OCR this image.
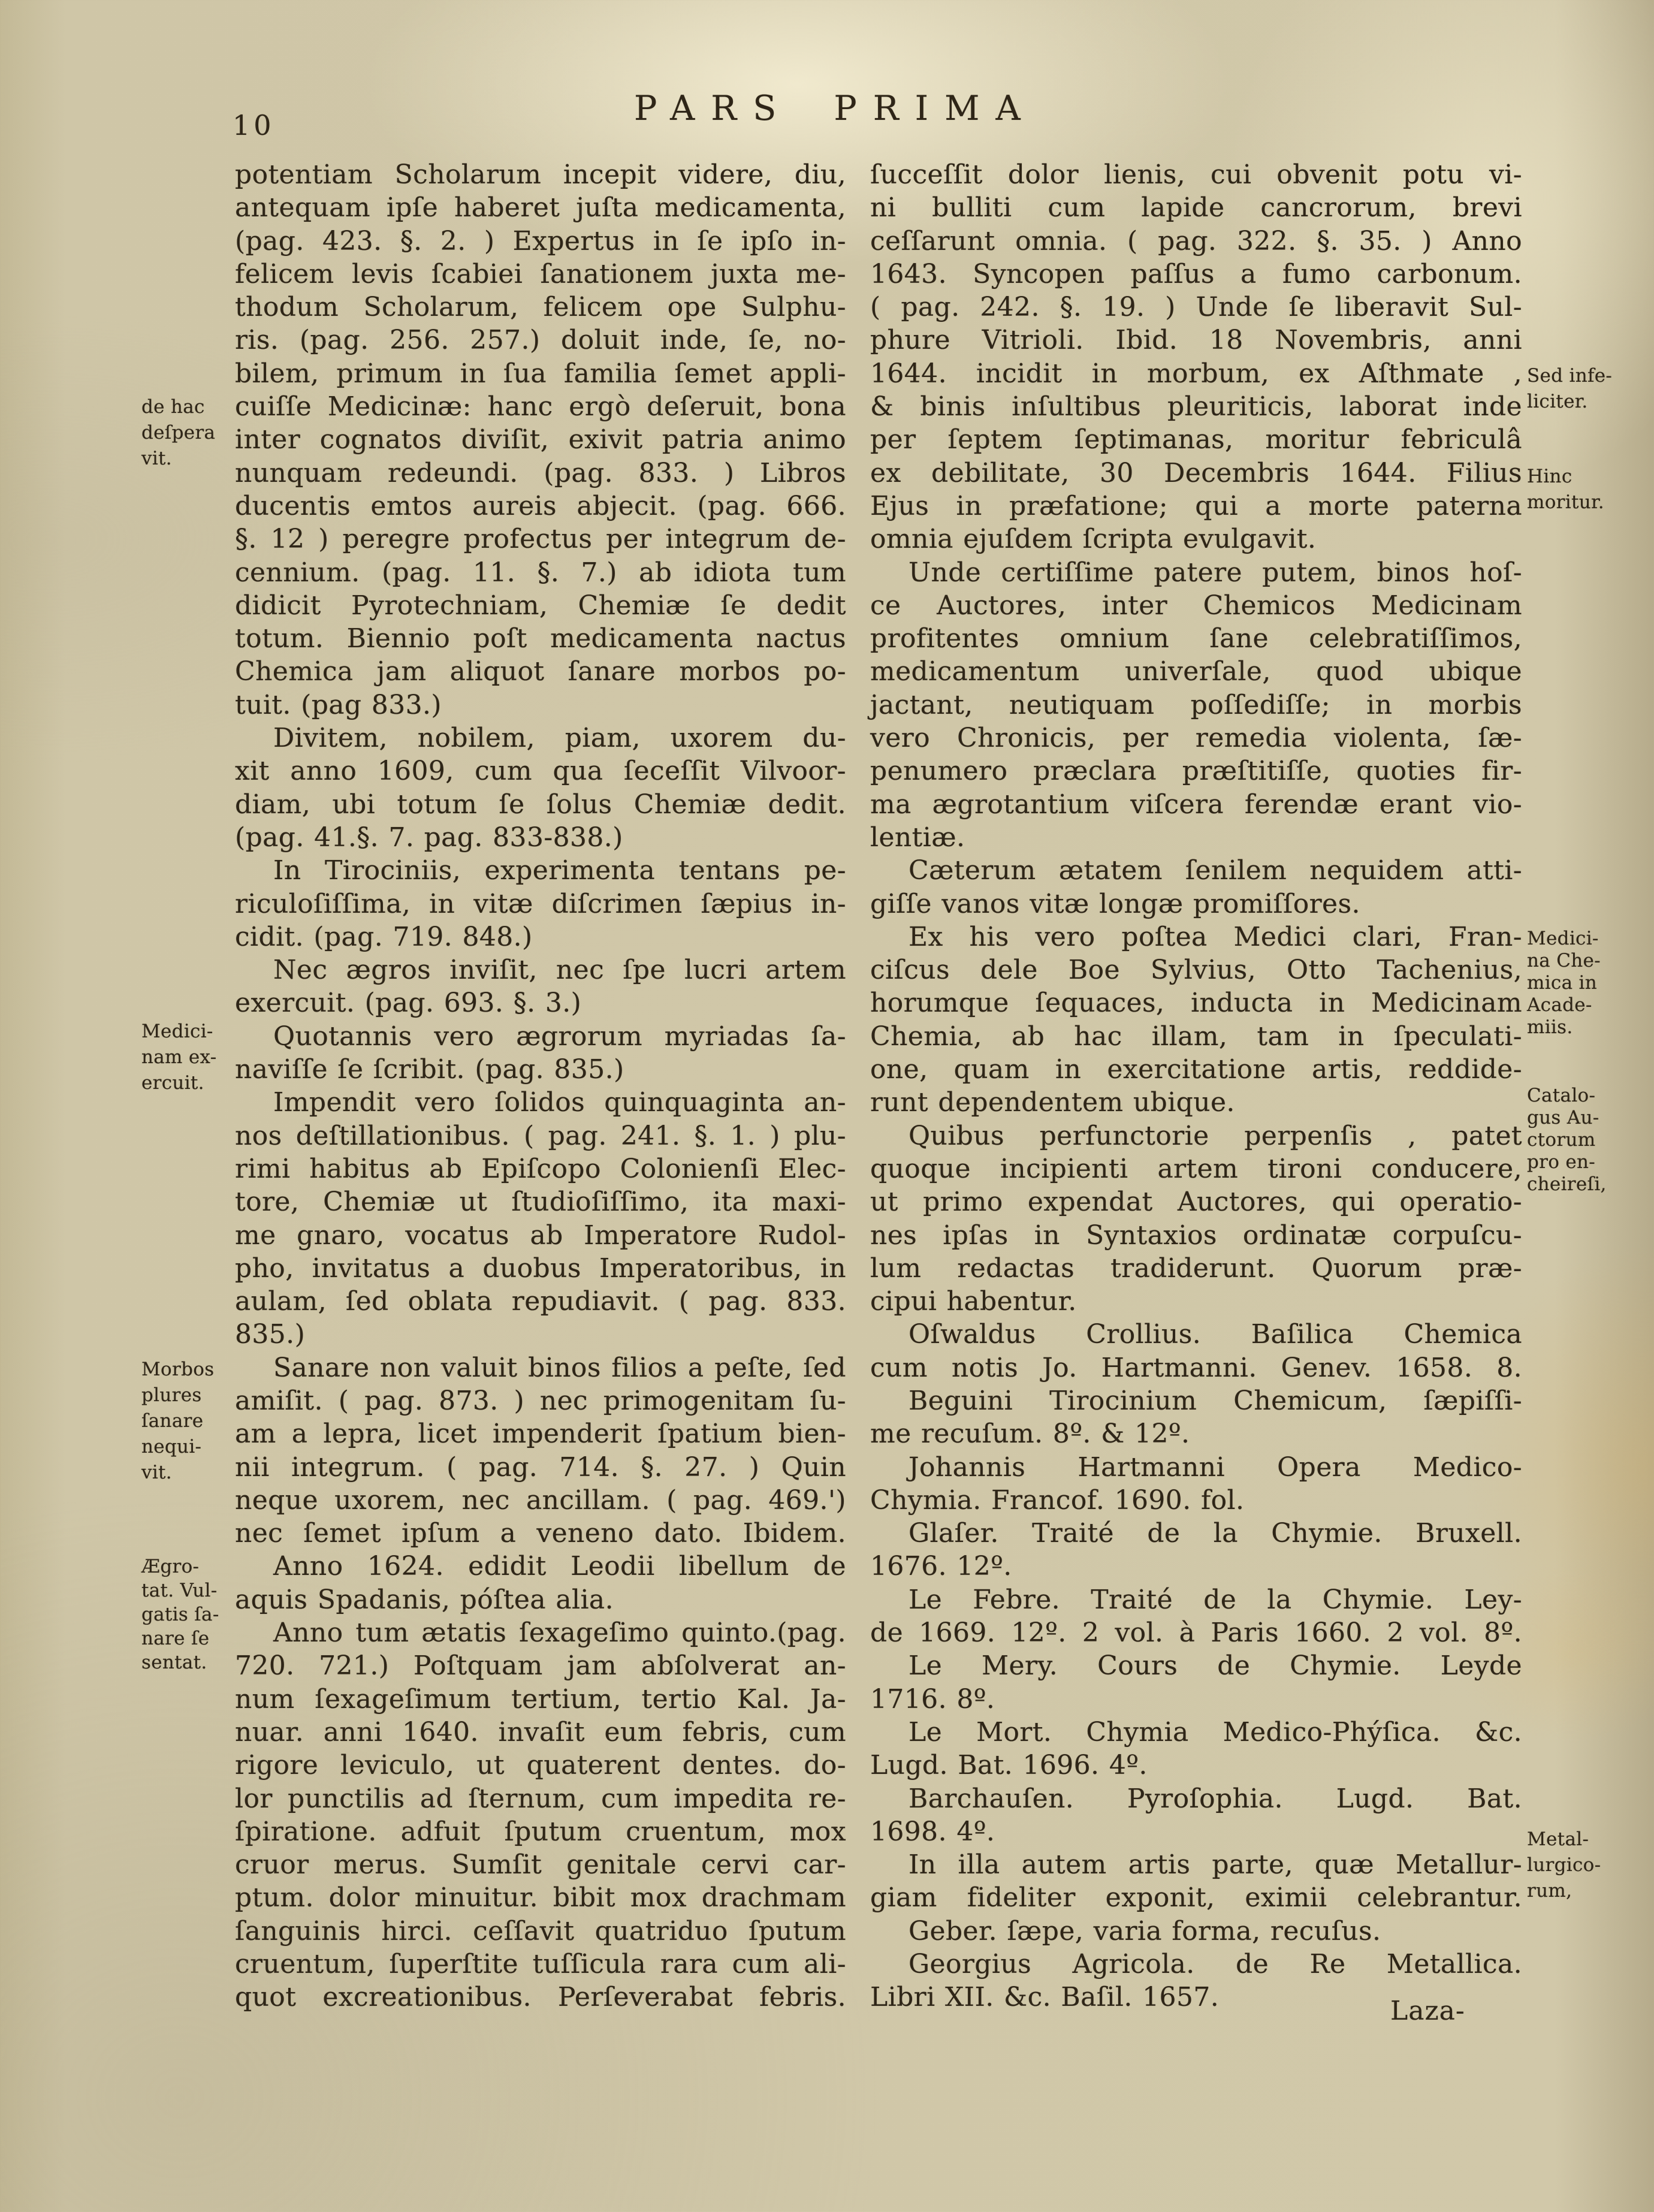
10	PARS PRIMA
potentiam Scholarum incepit videre, diu,
antequam ipſe haberet juſta medicamenta,
(pag. 423. §. 2. ) Expertus in ſe ipſo in-
felicem levis ſcabiei ſanationem juxta me-
thodum Scholarum, felicem ope Sulphu-
ris. (pag. 256. 257.) doluit inde, ſe, no-
bilem, primum in ſua familia ſemet appli-
cuiſſe Medicinæ: hanc ergò deſeruit, bona
inter cognatos diviſit, exivit patria animo
nunquam redeundi. (pag. 833. ) Libros
ducentis emtos aureis abjecit. (pag. 666.
§. 12 ) peregre profectus per integrum de-
cennium. (pag. 11. §. 7.) ab idiota tum
didicit Pyrotechniam, Chemiæ ſe dedit
totum. Biennio poſt medicamenta nactus
Chemica jam aliquot ſanare morbos po-
tuit. (pag 833.)
Divitem, nobilem, piam, uxorem du-
xit anno 1609, cum qua ſeceſſit Vilvoor-
diam, ubi totum ſe ſolus Chemiæ dedit.
(pag. 41.§. 7. pag. 833-838.)
In Tirociniis, experimenta tentans pe-
riculoſiſſima, in vitæ diſcrimen ſæpius in-
cidit. (pag. 719. 848.)
Nec ægros inviſit, nec ſpe lucri artem
exercuit. (pag. 693. §. 3.)
Quotannis vero ægrorum myriadas ſa-
naviſſe ſe ſcribit. (pag. 835.)
Impendit vero ſolidos quinquaginta an-
nos deſtillationibus. ( pag. 241. §. 1. ) plu-
rimi habitus ab Epiſcopo Colonienſi Elec-
tore, Chemiæ ut ſtudioſiſſimo, ita maxi-
me gnaro, vocatus ab Imperatore Rudol-
pho, invitatus a duobus Imperatoribus, in
aulam, ſed oblata repudiavit. ( pag. 833.
835.)
Sanare non valuit binos filios a peſte, ſed
amiſit. ( pag. 873. ) nec primogenitam ſu-
am a lepra, licet impenderit ſpatium bien-
nii integrum. ( pag. 714. §. 27. ) Quin
neque uxorem, nec ancillam. ( pag. 469.')
nec ſemet ipſum a veneno dato. Ibidem.
Anno 1624. edidit Leodii libellum de
aquis Spadanis, póſtea alia.
Anno tum ætatis ſexageſimo quinto.(pag.
720. 721.) Poſtquam jam abſolverat an-
num ſexageſimum tertium, tertio Kal. Ja-
nuar. anni 1640. invaſit eum febris, cum
rigore leviculo, ut quaterent dentes. do-
lor punctilis ad ſternum, cum impedita re-
ſpiratione. adfuit ſputum cruentum, mox
cruor merus. Sumſit genitale cervi car-
ptum. dolor minuitur. bibit mox drachmam
ſanguinis hirci. ceſſavit quatriduo ſputum
cruentum, ſuperſtite tuſſicula rara cum ali-
quot excreationibus. Perſeverabat febris.
ſucceſſit dolor lienis, cui obvenit potu vi-
ni bulliti cum lapide cancrorum, brevi
ceſſarunt omnia. ( pag. 322. §. 35. ) Anno
1643. Syncopen paſſus a fumo carbonum.
( pag. 242. §. 19. ) Unde ſe liberavit Sul-
phure Vitrioli. Ibid. 18 Novembris, anni
1644. incidit in morbum, ex Aſthmate ,
& binis inſultibus pleuriticis, laborat inde
per ſeptem ſeptimanas, moritur febriculâ
ex debilitate, 30 Decembris 1644. Filius
Ejus in præfatione; qui a morte paterna
omnia ejuſdem ſcripta evulgavit.
Unde certiſſime patere putem, binos hoſ-
ce Auctores, inter Chemicos Medicinam
profitentes omnium ſane celebratiſſimos,
medicamentum univerſale, quod ubique
jactant, neutiquam poſſediſſe; in morbis
vero Chronicis, per remedia violenta, ſæ-
penumero præclara præſtitiſſe, quoties fir-
ma ægrotantium viſcera ferendæ erant vio-
lentiæ.
Cæterum ætatem ſenilem nequidem atti-
giſſe vanos vitæ longæ promiſſores.
Ex his vero poſtea Medici clari, Fran-
ciſcus dele Boe Sylvius, Otto Tachenius,
horumque ſequaces, inducta in Medicinam
Chemia, ab hac illam, tam in ſpeculati-
one, quam in exercitatione artis, reddide-
runt dependentem ubique.
Quibus perfunctorie perpenſis , patet
quoque incipienti artem tironi conducere,
ut primo expendat Auctores, qui operatio-
nes ipſas in Syntaxios ordinatæ corpuſcu-
lum redactas tradiderunt. Quorum præ-
cipui habentur.
Oſwaldus Crollius. Baſilica Chemica
cum notis Jo. Hartmanni. Genev. 1658. 8.
Beguini Tirocinium Chemicum, ſæpiſſi-
me recuſum. 8º. & 12º.
Johannis Hartmanni Opera Medico-
Chymia. Francof. 1690. fol.
Glaſer. Traité de la Chymie. Bruxell.
1676. 12º.
Le Febre. Traité de la Chymie. Ley-
de 1669. 12º. 2 vol. à Paris 1660. 2 vol. 8º.
Le Mery. Cours de Chymie. Leyde
1716. 8º.
Le Mort. Chymia Medico-Phýſica. &c.
Lugd. Bat. 1696. 4º.
Barchauſen. Pyroſophia. Lugd. Bat.
1698. 4º.
In illa autem artis parte, quæ Metallur-
giam fideliter exponit, eximii celebrantur.
Geber. ſæpe, varia forma, recuſus.
Georgius Agricola. de Re Metallica.
Libri XII. &c. Baſil. 1657.
de hac
deſpera
vit.
Medici-
nam ex-
ercuit.
Morbos
plures
ſanare
nequi-
vit.
Ægro-
tat. Vul-
gatis ſa-
nare ſe
sentat.
Sed infe-
liciter.
Hinc
moritur.
Medici-
na Che-
mica in
Acade-
miis.
Catalo-
gus Au-
ctorum
pro en-
cheireſi,
Metal-
lurgico-
rum,
Laza-
